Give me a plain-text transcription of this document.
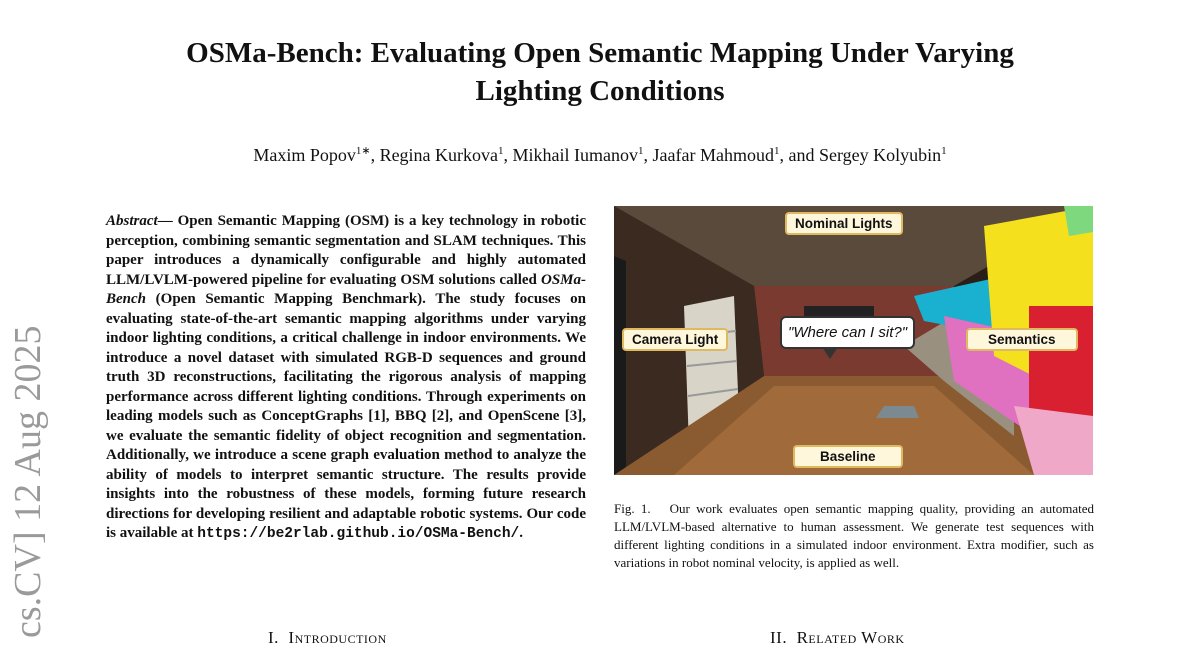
OSMa-Bench: Evaluating Open Semantic Mapping Under Varying
Lighting Conditions
Maxim Popov$^{1∗}$, Regina Kurkova$^1$, Mikhail Iumanov$^1$, Jaafar Mahmoud$^1$, and Sergey Kolyubin$^1$
cs.CV] 12 Aug 2025

Abstract— Open Semantic Mapping (OSM) is a key technology in robotic perception, combining semantic segmentation and SLAM techniques. This paper introduces a dynamically configurable and highly automated LLM/LVLM-powered pipeline for evaluating OSM solutions called OSMa-Bench (Open Semantic Mapping Benchmark). The study focuses on evaluating state-of-the-art semantic mapping algorithms under varying indoor lighting conditions, a critical challenge in indoor environments. We introduce a novel dataset with simulated RGB-D sequences and ground truth 3D reconstructions, facilitating the rigorous analysis of mapping performance across different lighting conditions. Through experiments on leading models such as ConceptGraphs [1], BBQ [2], and OpenScene [3], we evaluate the semantic fidelity of object recognition and segmentation. Additionally, we introduce a scene graph evaluation method to analyze the ability of models to interpret semantic structure. The results provide insights into the robustness of these models, forming future research directions for developing resilient and adaptable robotic systems. Our code is available at https://be2rlab.github.io/OSMa-Bench/.

I. Introduction
Nominal Lights
Camera Light	Semantics
Baseline
"Where can I sit?"

Fig. 1. Our work evaluates open semantic mapping quality, providing an automated LLM/LVLM-based alternative to human assessment. We generate test sequences with different lighting conditions in a simulated indoor environment. Extra modifier, such as variations in robot nominal velocity, is applied as well.

II. Related Work
